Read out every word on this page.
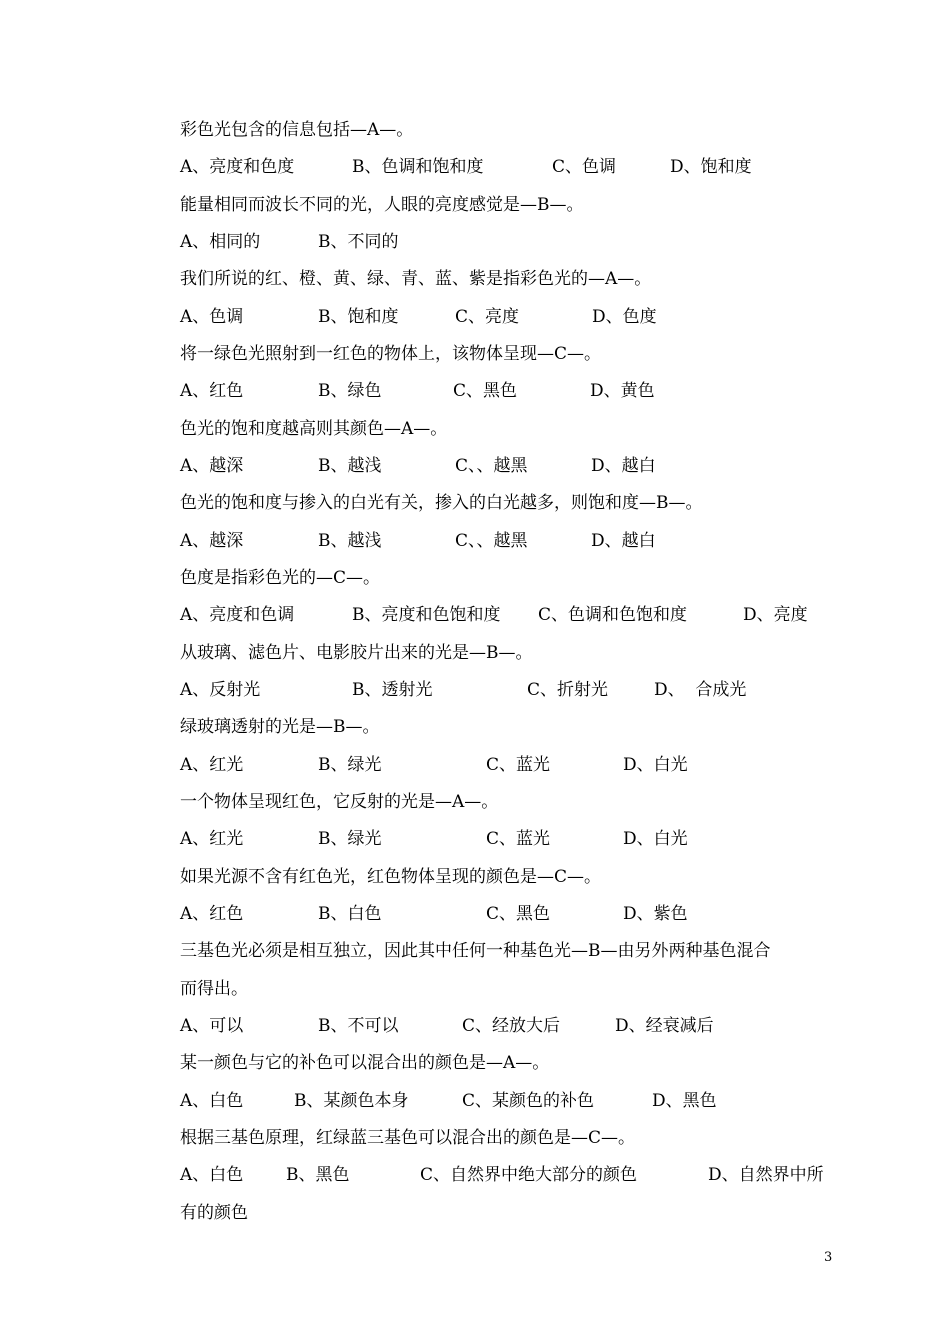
彩色光包含的信息包括—A—。
A、亮度和色度	B、色调和饱和度	C、色调	D、饱和度
能量相同而波长不同的光，人眼的亮度感觉是—B—。
A、相同的	B、不同的
我们所说的红、橙、黄、绿、青、蓝、紫是指彩色光的—A—。
A、色调	B、饱和度	C、亮度	D、色度
将一绿色光照射到一红色的物体上，该物体呈现—C—。
A、红色	B、绿色	C、黑色	D、黄色
色光的饱和度越高则其颜色—A—。
A、越深	B、越浅	C、、越黑	D、越白
色光的饱和度与掺入的白光有关，掺入的白光越多，则饱和度—B—。
A、越深	B、越浅	C、、越黑	D、越白
色度是指彩色光的—C—。
A、亮度和色调	B、亮度和色饱和度 C、色调和色饱和度	D、亮度
从玻璃、滤色片、电影胶片出来的光是—B—。
A、反射光	B、透射光	C、折射光	D、  合成光
绿玻璃透射的光是—B—。
A、红光	B、绿光	C、蓝光	D、白光
一个物体呈现红色，它反射的光是—A—。
A、红光	B、绿光	C、蓝光	D、白光
如果光源不含有红色光，红色物体呈现的颜色是—C—。
A、红色	B、白色	C、黑色	D、紫色
三基色光必须是相互独立，因此其中任何一种基色光—B—由另外两种基色混合
而得出。
A、可以	B、不可以	C、经放大后	D、经衰减后
某一颜色与它的补色可以混合出的颜色是—A—。
A、白色	B、某颜色本身	C、某颜色的补色	D、黑色
根据三基色原理，红绿蓝三基色可以混合出的颜色是—C—。
A、白色	B、黑色	C、自然界中绝大部分的颜色	D、自然界中所
有的颜色
3
